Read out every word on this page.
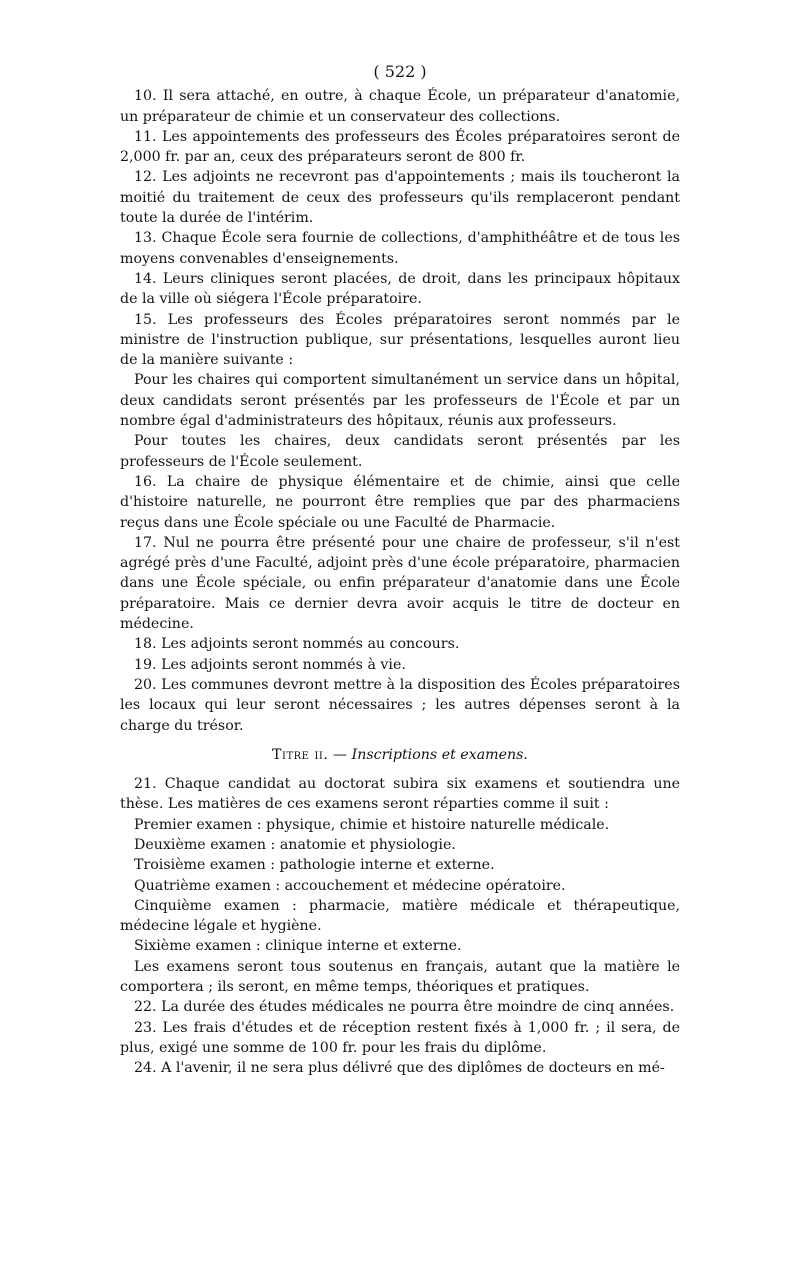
( 522 )

10. Il sera attaché, en outre, à chaque École, un préparateur d'anatomie, un préparateur de chimie et un conservateur des collections.

11. Les appointements des professeurs des Écoles préparatoires seront de 2,000 fr. par an, ceux des préparateurs seront de 800 fr.

12. Les adjoints ne recevront pas d'appointements ; mais ils toucheront la moitié du traitement de ceux des professeurs qu'ils remplaceront pendant toute la durée de l'intérim.

13. Chaque École sera fournie de collections, d'amphithéâtre et de tous les moyens convenables d'enseignements.

14. Leurs cliniques seront placées, de droit, dans les principaux hôpitaux de la ville où siégera l'École préparatoire.

15. Les professeurs des Écoles préparatoires seront nommés par le ministre de l'instruction publique, sur présentations, lesquelles auront lieu de la manière suivante :

Pour les chaires qui comportent simultanément un service dans un hôpital, deux candidats seront présentés par les professeurs de l'École et par un nombre égal d'administrateurs des hôpitaux, réunis aux professeurs.

Pour toutes les chaires, deux candidats seront présentés par les professeurs de l'École seulement.

16. La chaire de physique élémentaire et de chimie, ainsi que celle d'histoire naturelle, ne pourront être remplies que par des pharmaciens reçus dans une École spéciale ou une Faculté de Pharmacie.

17. Nul ne pourra être présenté pour une chaire de professeur, s'il n'est agrégé près d'une Faculté, adjoint près d'une école préparatoire, pharmacien dans une École spéciale, ou enfin préparateur d'anatomie dans une École préparatoire. Mais ce dernier devra avoir acquis le titre de docteur en médecine.

18. Les adjoints seront nommés au concours.

19. Les adjoints seront nommés à vie.

20. Les communes devront mettre à la disposition des Écoles préparatoires les locaux qui leur seront nécessaires ; les autres dépenses seront à la charge du trésor.

Titre ii. — Inscriptions et examens.

21. Chaque candidat au doctorat subira six examens et soutiendra une thèse. Les matières de ces examens seront réparties comme il suit :

Premier examen : physique, chimie et histoire naturelle médicale.

Deuxième examen : anatomie et physiologie.

Troisième examen : pathologie interne et externe.

Quatrième examen : accouchement et médecine opératoire.

Cinquième examen : pharmacie, matière médicale et thérapeutique, médecine légale et hygiène.

Sixième examen : clinique interne et externe.

Les examens seront tous soutenus en français, autant que la matière le comportera ; ils seront, en même temps, théoriques et pratiques.

22. La durée des études médicales ne pourra être moindre de cinq années.

23. Les frais d'études et de réception restent fixés à 1,000 fr. ; il sera, de plus, exigé une somme de 100 fr. pour les frais du diplôme.

24. A l'avenir, il ne sera plus délivré que des diplômes de docteurs en mé-
